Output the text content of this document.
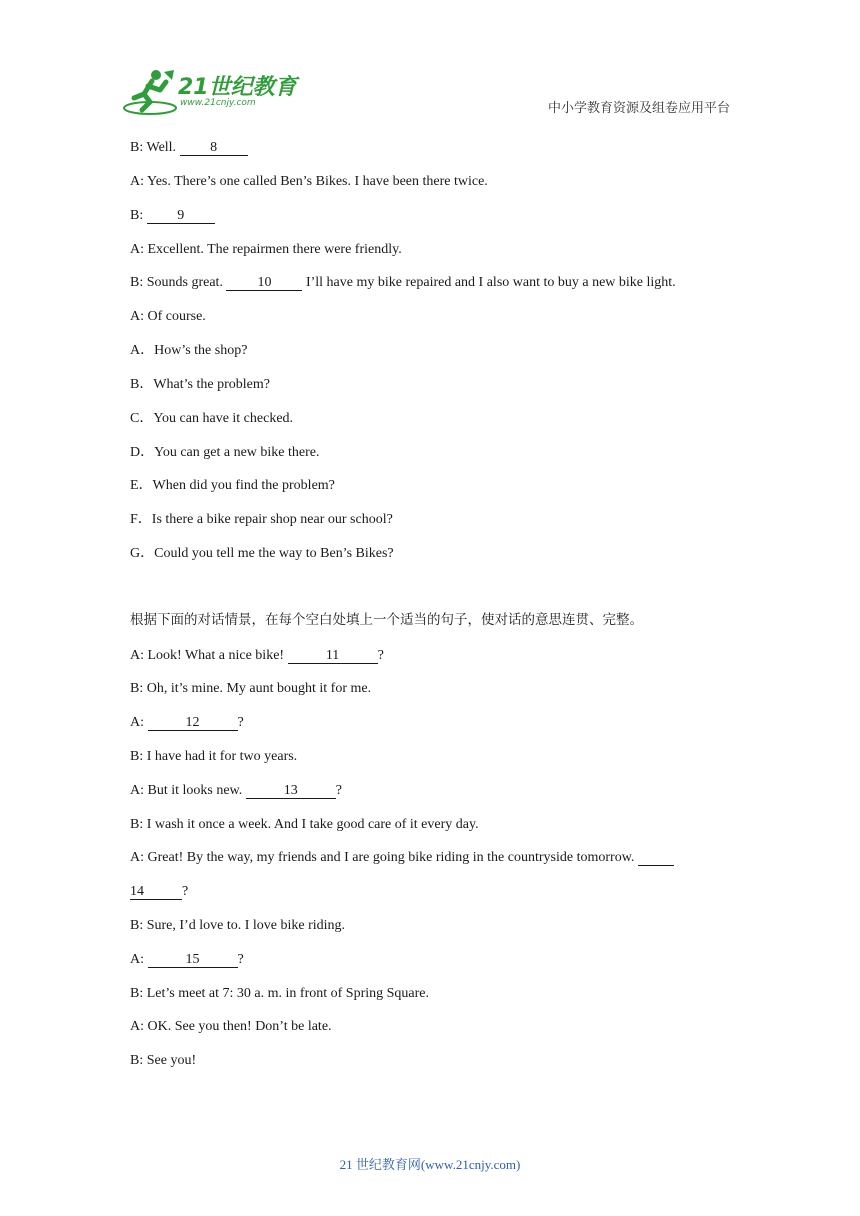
21世纪教育
www.21cnjy.com	中小学教育资源及组卷应用平台
B: Well. 8
A: Yes. There’s one called Ben’s Bikes. I have been there twice.
B: 9
A: Excellent. The repairmen there were friendly.
B: Sounds great. 10 I’ll have my bike repaired and I also want to buy a new bike light.
A: Of course.
A．How’s the shop?
B．What’s the problem?
C．You can have it checked.
D．You can get a new bike there.
E．When did you find the problem?
F．Is there a bike repair shop near our school?
G．Could you tell me the way to Ben’s Bikes?
根据下面的对话情景，在每个空白处填上一个适当的句子，使对话的意思连贯、完整。
A: Look! What a nice bike!	11	?
B: Oh, it’s mine. My aunt bought it for me.
A:	12	?
B: I have had it for two years.
A: But it looks new.	13	?
B: I wash it once a week. And I take good care of it every day.
A: Great! By the way, my friends and I are going bike riding in the countryside tomorrow.
14	?
B: Sure, I’d love to. I love bike riding.
A:	15	?
B: Let’s meet at 7: 30 a. m. in front of Spring Square.
A: OK. See you then! Don’t be late.
B: See you!
21 世纪教育网(www.21cnjy.com)
